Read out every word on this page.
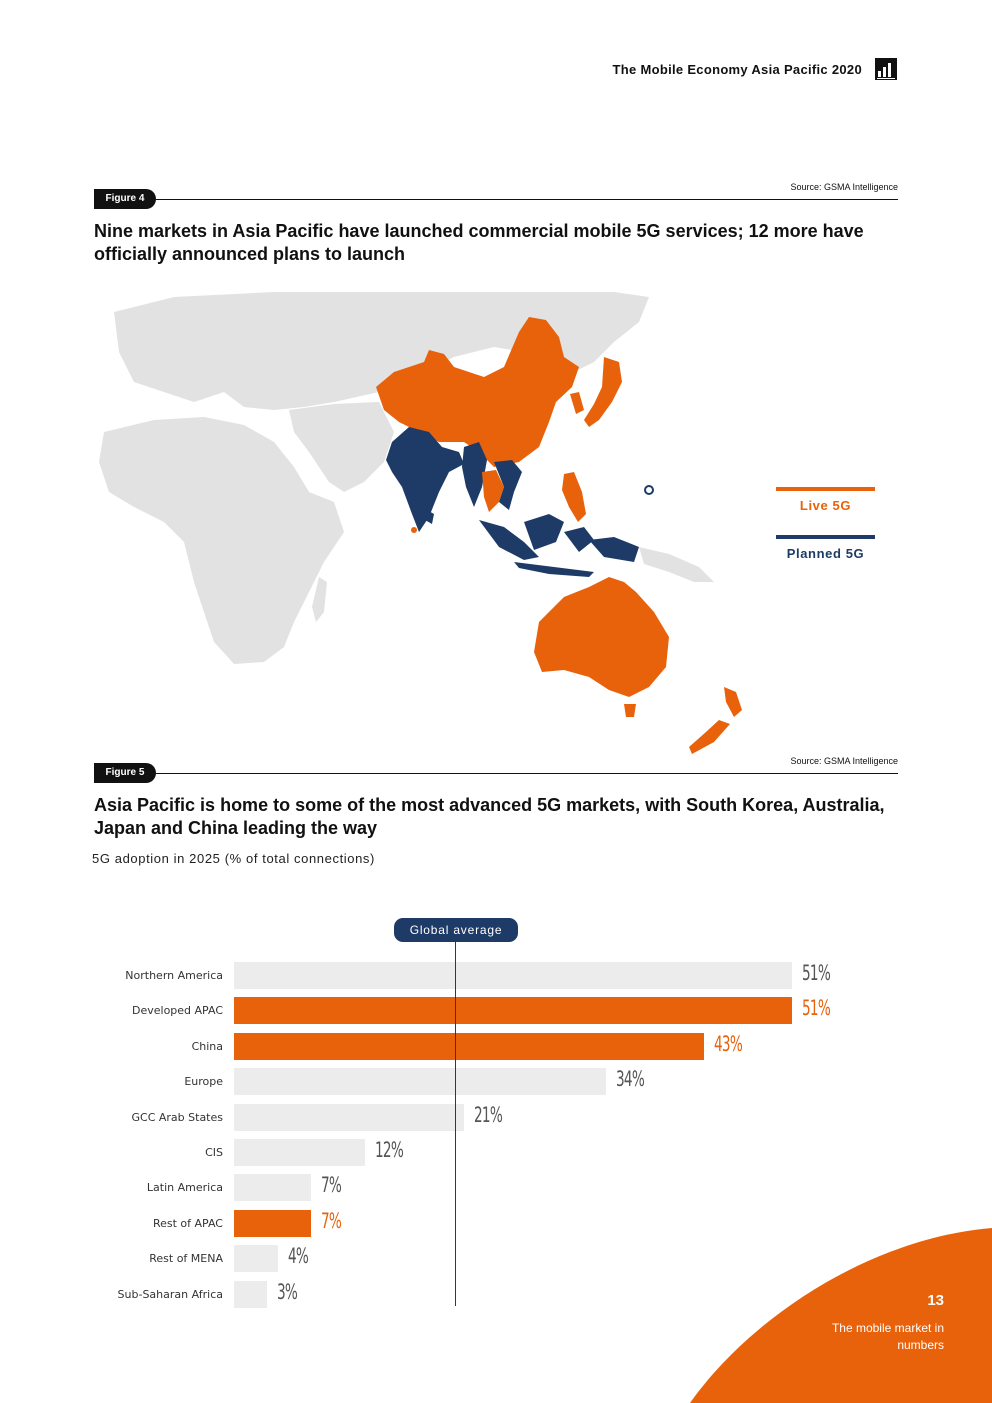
The Mobile Economy Asia Pacific 2020
Figure 4
Source: GSMA Intelligence
Nine markets in Asia Pacific have launched commercial mobile 5G services; 12 more have officially announced plans to launch
Live 5G
Planned 5G
Figure 5
Source: GSMA Intelligence
Asia Pacific is home to some of the most advanced 5G markets, with South Korea, Australia, Japan and China leading the way
5G adoption in 2025 (% of total connections)
Northern America	51%
Developed APAC	51%
China	43%
Europe	34%
GCC Arab States	21%
CIS	12%
Latin America	7%
Rest of APAC	7%
Rest of MENA	4%
Sub-Saharan Africa	3%
Global average
13
The mobile market in numbers
